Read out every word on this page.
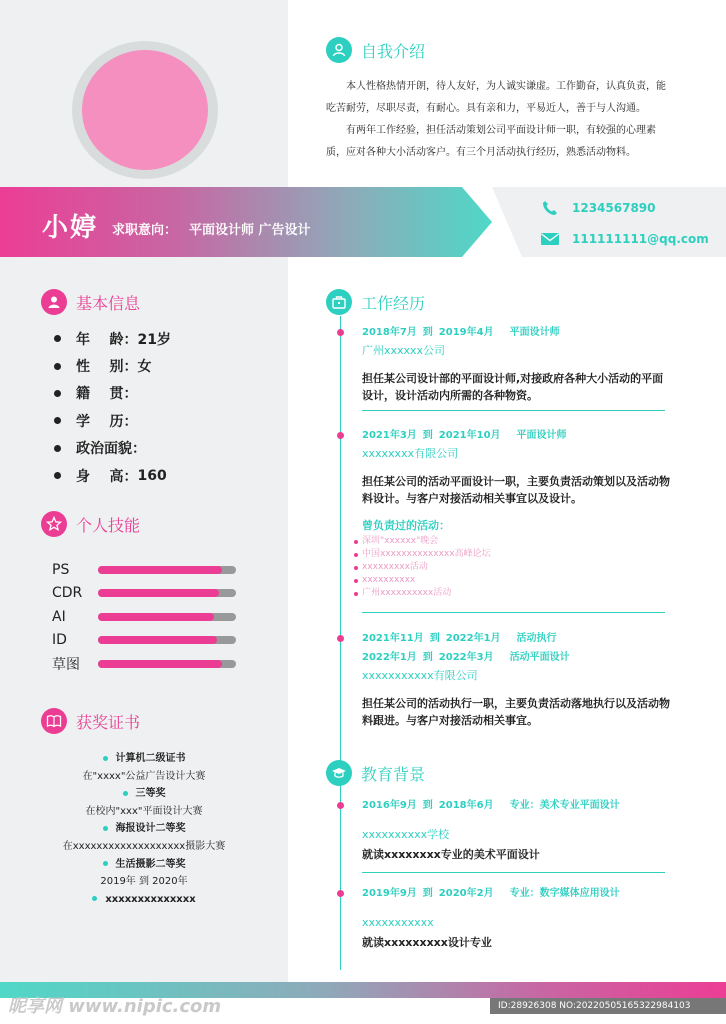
自我介绍

本人性格热情开朗，待人友好，为人诚实谦虚。工作勤奋，认真负责，能吃苦耐劳，尽职尽责，有耐心。具有亲和力，平易近人，善于与人沟通。

有两年工作经验，担任活动策划公司平面设计师一职，有较强的心理素质，应对各种大小活动客户。有三个月活动执行经历，熟悉活动物料。

小婷 求职意向： 平面设计师 广告设计
1234567890
111111111@qq.com
基本信息
年    龄： 21岁
性    别： 女
籍    贯：
学    历：
政治面貌：
身    高： 160
个人技能
PS
CDR
AI
ID
草图
获奖证书
计算机二级证书
在"xxxx"公益广告设计大赛
三等奖
在校内"xxx"平面设计大赛
海报设计二等奖
在xxxxxxxxxxxxxxxxxxx摄影大赛
生活摄影二等奖
2019年 到 2020年
xxxxxxxxxxxxxx
工作经历
2018年7月 到 2019年4月 平面设计师
广州xxxxxx公司
担任某公司设计部的平面设计师,对接政府各种大小活动的平面设计，设计活动内所需的各种物资。
2021年3月 到 2021年10月 平面设计师
xxxxxxxx有限公司
担任某公司的活动平面设计一职，主要负责活动策划以及活动物料设计。与客户对接活动相关事宜以及设计。
曾负责过的活动：
深圳"xxxxxx"晚会
中国xxxxxxxxxxxxxx高峰论坛
xxxxxxxxx活动
xxxxxxxxxx
广州xxxxxxxxxx活动
2021年11月 到 2022年1月 活动执行
2022年1月 到 2022年3月 活动平面设计
xxxxxxxxxxx有限公司
担任某公司的活动执行一职，主要负责活动落地执行以及活动物料跟进。与客户对接活动相关事宜。
教育背景
2016年9月 到 2018年6月 专业：美术专业平面设计
xxxxxxxxxx学校
就读xxxxxxxx专业的美术平面设计
2019年9月 到 2020年2月 专业：数字媒体应用设计
xxxxxxxxxxx
就读xxxxxxxxx设计专业
昵享网 www.nipic.com	ID:28926308 NO:20220505165322984103
